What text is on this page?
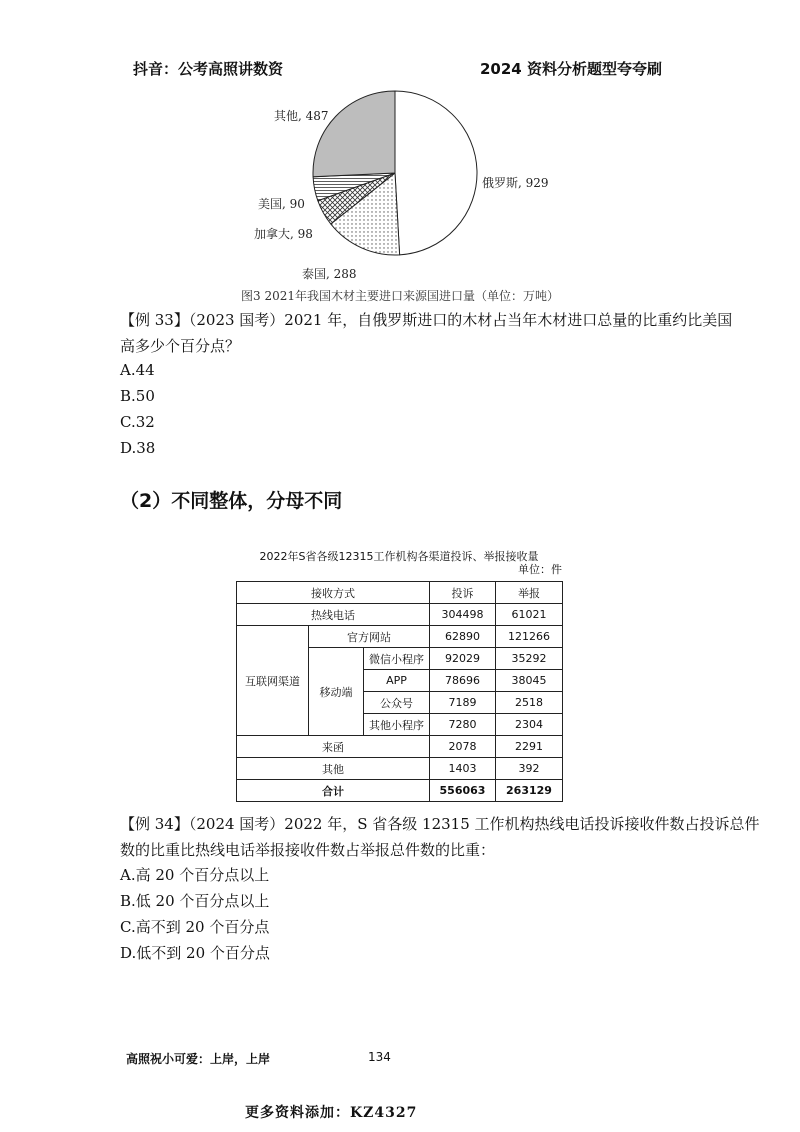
抖音：公考高照讲数资	2024 资料分析题型夸夸刷
俄罗斯, 929
泰国, 288
加拿大, 98
美国, 90
其他, 487
图3 2021年我国木材主要进口来源国进口量（单位：万吨）
【例 33】（2023 国考）2021 年，自俄罗斯进口的木材占当年木材进口总量的比重约比美国
高多少个百分点？
A.44
B.50
C.32
D.38
（2）不同整体，分母不同
2022年S省各级12315工作机构各渠道投诉、举报接收量
单位：件
接收方式			投诉	举报
热线电话			304498	61021
互联网渠道	官方网站		62890	121266
	移动端	微信小程序	92029	35292
		APP	78696	38045
		公众号	7189	2518
		其他小程序	7280	2304
来函			2078	2291
其他			1403	392
合计			556063	263129
【例 34】（2024 国考）2022 年，S 省各级 12315 工作机构热线电话投诉接收件数占投诉总件
数的比重比热线电话举报接收件数占举报总件数的比重：
A.高 20 个百分点以上
B.低 20 个百分点以上
C.高不到 20 个百分点
D.低不到 20 个百分点
高照祝小可爱：上岸，上岸	134
更多资料添加：KZ4327
